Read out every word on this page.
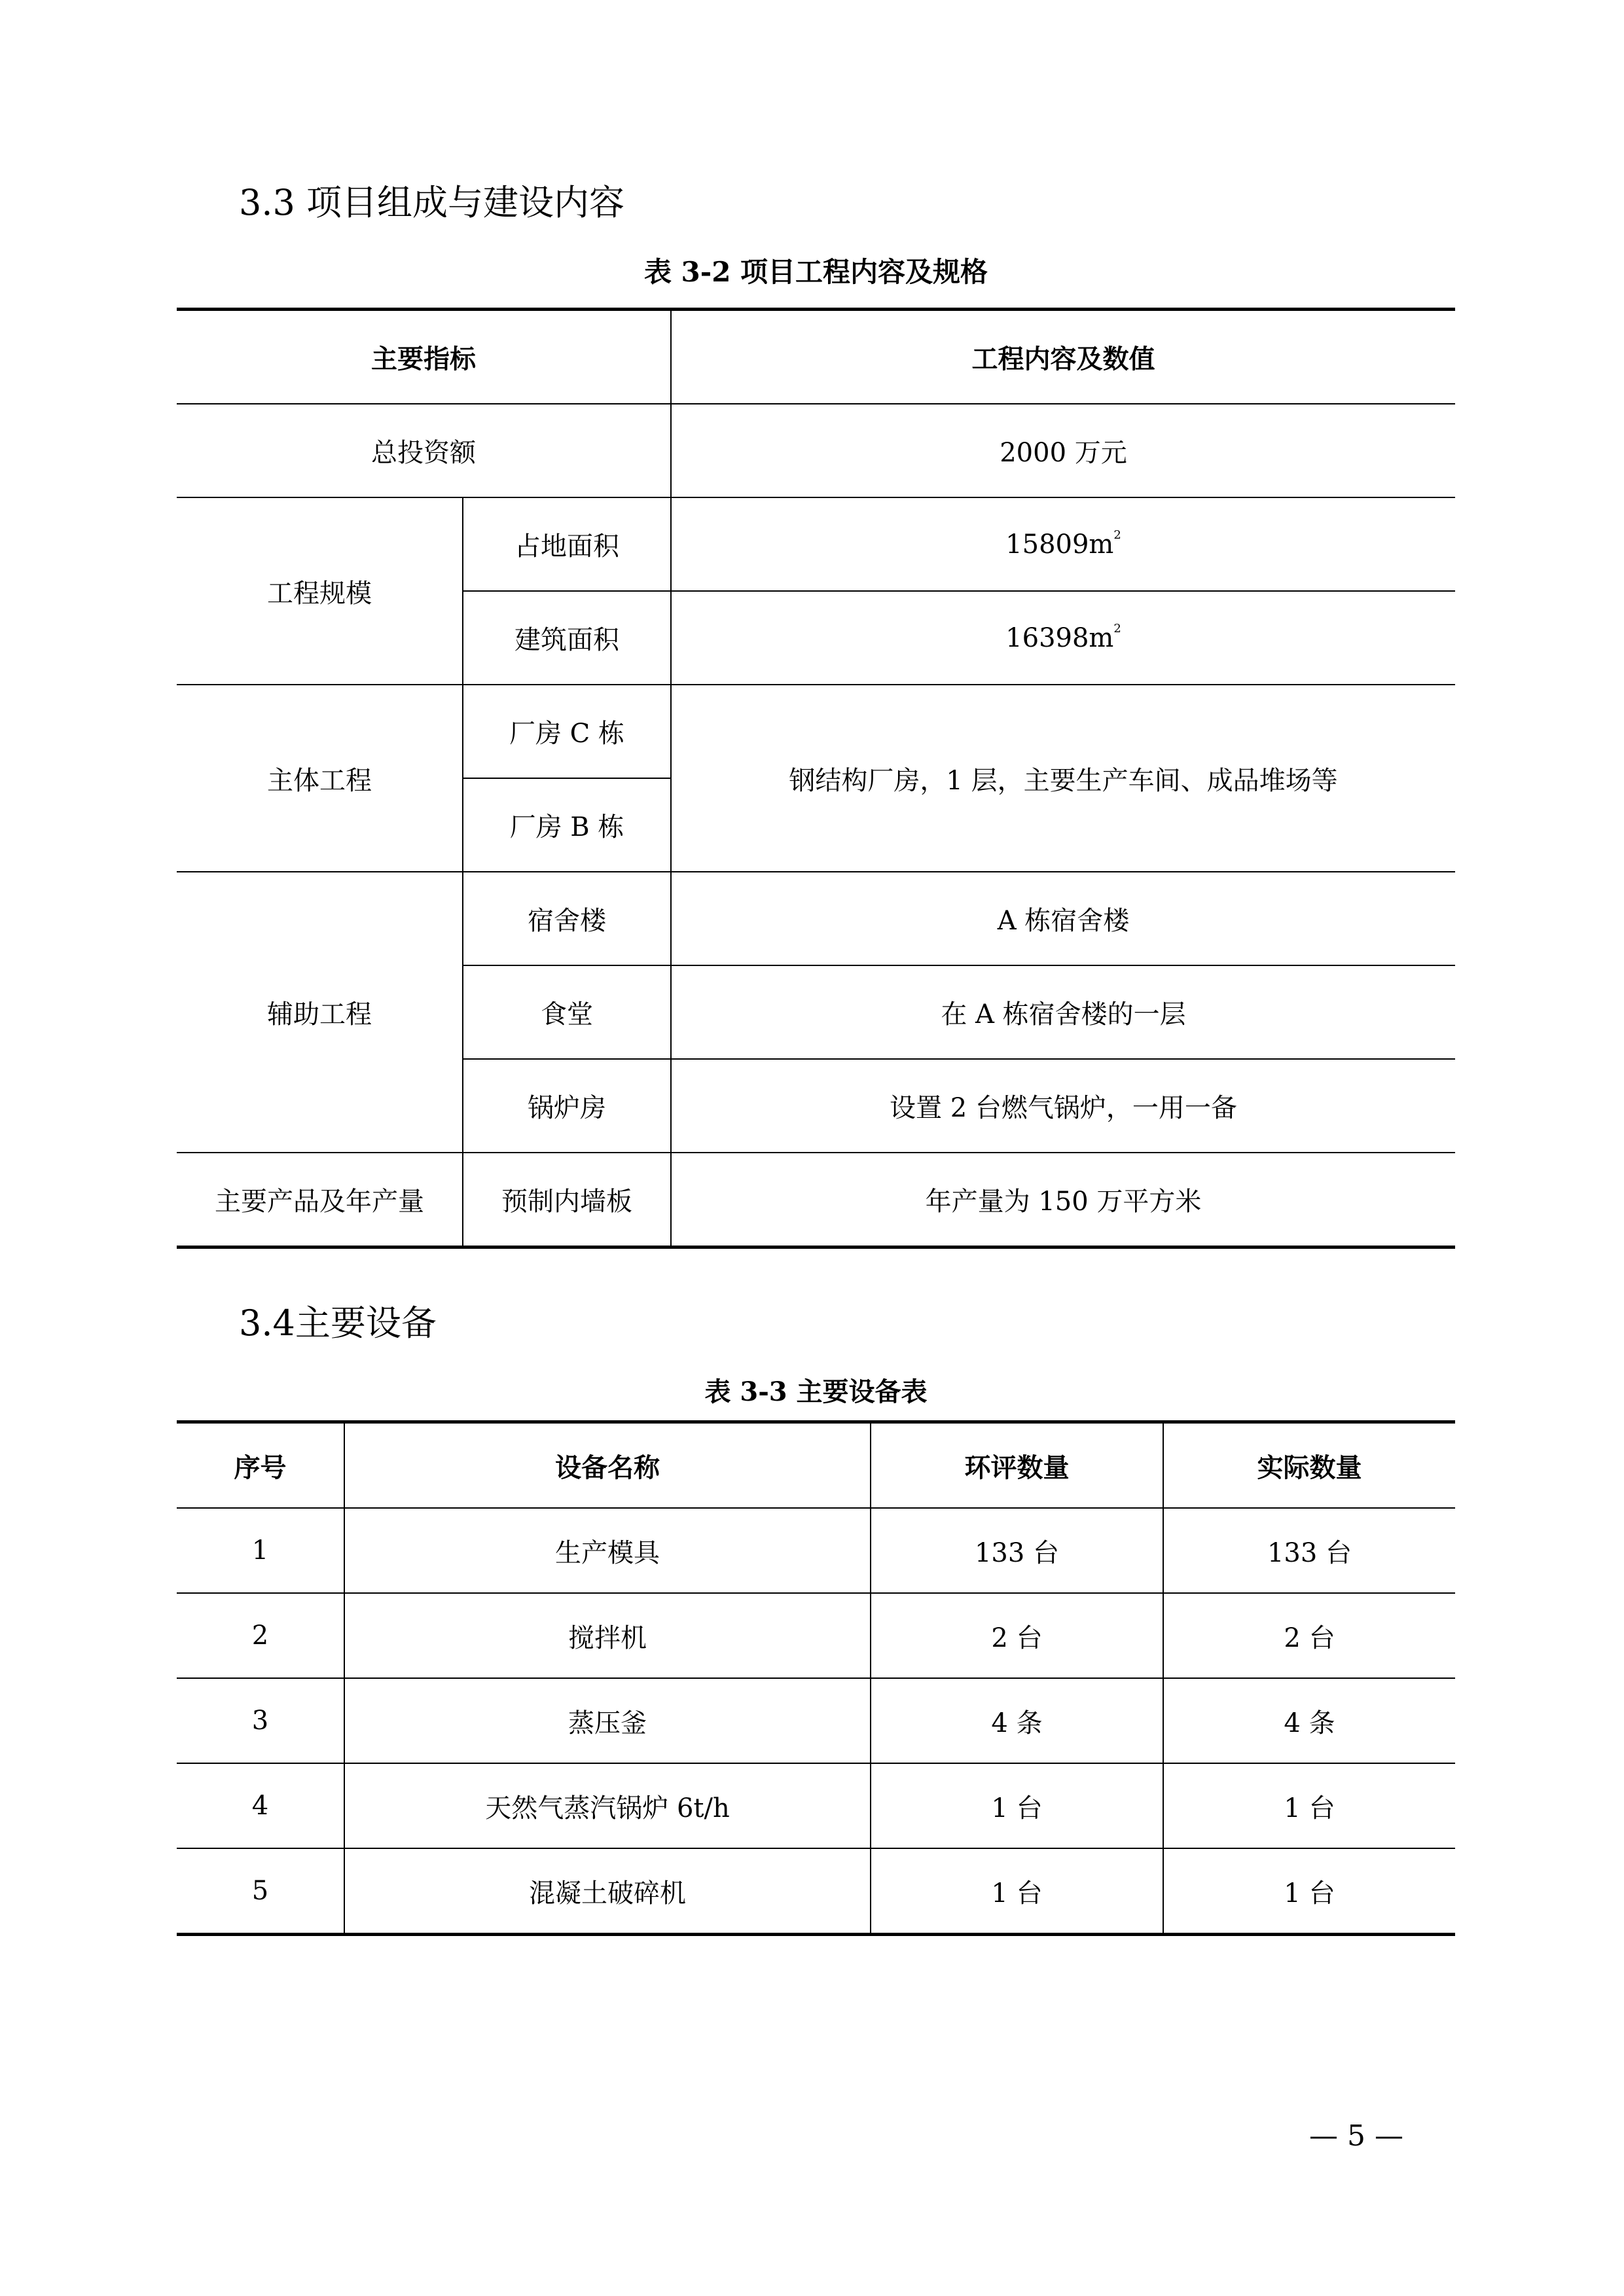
3.3 项目组成与建设内容
表 3-2 项目工程内容及规格
主要指标		工程内容及数值
总投资额		2000 万元
工程规模	占地面积	$15809m^2$
	建筑面积	$16398m^2$
主体工程	厂房 C 栋	钢结构厂房，1 层，主要生产车间、成品堆场等
	厂房 B 栋	
辅助工程	宿舍楼	A 栋宿舍楼
	食堂	在 A 栋宿舍楼的一层
	锅炉房	设置 2 台燃气锅炉，一用一备
主要产品及年产量	预制内墙板	年产量为 150 万平方米
3.4主要设备
表 3-3 主要设备表
序号	设备名称	环评数量	实际数量
1	生产模具	133 台	133 台
2	搅拌机	2 台	2 台
3	蒸压釜	4 条	4 条
4	天然气蒸汽锅炉 6t/h	1 台	1 台
5	混凝土破碎机	1 台	1 台
— 5 —
